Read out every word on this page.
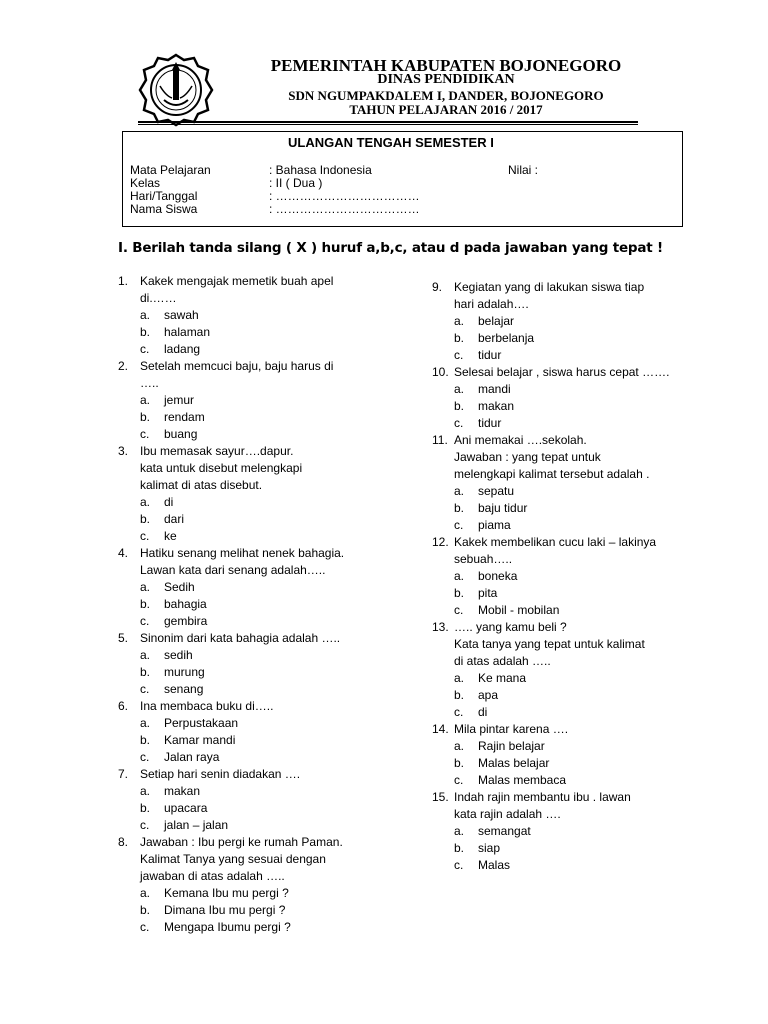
PEMERINTAH KABUPATEN BOJONEGORO
DINAS PENDIDIKAN
SDN NGUMPAKDALEM I, DANDER, BOJONEGORO
TAHUN PELAJARAN 2016 / 2017
ULANGAN TENGAH SEMESTER I
Mata Pelajaran	: Bahasa Indonesia	Nilai :
Kelas	: II ( Dua )
Hari/Tanggal	: ………………………………
Nama Siswa	: ………………………………
I. Berilah tanda silang ( X ) huruf a,b,c, atau d pada jawaban yang tepat !
1. Kakek mengajak memetik buah apel
di.……
a. sawah
b. halaman
c. ladang
2. Setelah memcuci baju, baju harus di
…..
a. jemur
b. rendam
c. buang
3. Ibu memasak sayur….dapur.
kata untuk disebut melengkapi
kalimat di atas disebut.
a. di
b. dari
c. ke
4. Hatiku senang melihat nenek bahagia.
Lawan kata dari senang adalah…..
a. Sedih
b. bahagia
c. gembira
5. Sinonim dari kata bahagia adalah …..
a. sedih
b. murung
c. senang
6. Ina membaca buku di…..
a. Perpustakaan
b. Kamar mandi
c. Jalan raya
7. Setiap hari senin diadakan ….
a. makan
b. upacara
c. jalan – jalan
8. Jawaban : Ibu pergi ke rumah Paman.
Kalimat Tanya yang sesuai dengan
jawaban di atas adalah …..
a. Kemana Ibu mu pergi ?
b. Dimana Ibu mu pergi ?
c. Mengapa Ibumu pergi ?
9. Kegiatan yang di lakukan siswa tiap
hari adalah….
a. belajar
b. berbelanja
c. tidur
10. Selesai belajar , siswa harus cepat …….
a. mandi
b. makan
c. tidur
11. Ani memakai ….sekolah.
Jawaban : yang tepat untuk
melengkapi kalimat tersebut adalah .
a. sepatu
b. baju tidur
c. piama
12. Kakek membelikan cucu laki – lakinya
sebuah…..
a. boneka
b. pita
c. Mobil - mobilan
13. ….. yang kamu beli ?
Kata tanya yang tepat untuk kalimat
di atas adalah …..
a. Ke mana
b. apa
c. di
14. Mila pintar karena ….
a. Rajin belajar
b. Malas belajar
c. Malas membaca
15. Indah rajin membantu ibu . lawan
kata rajin adalah ….
a. semangat
b. siap
c. Malas
